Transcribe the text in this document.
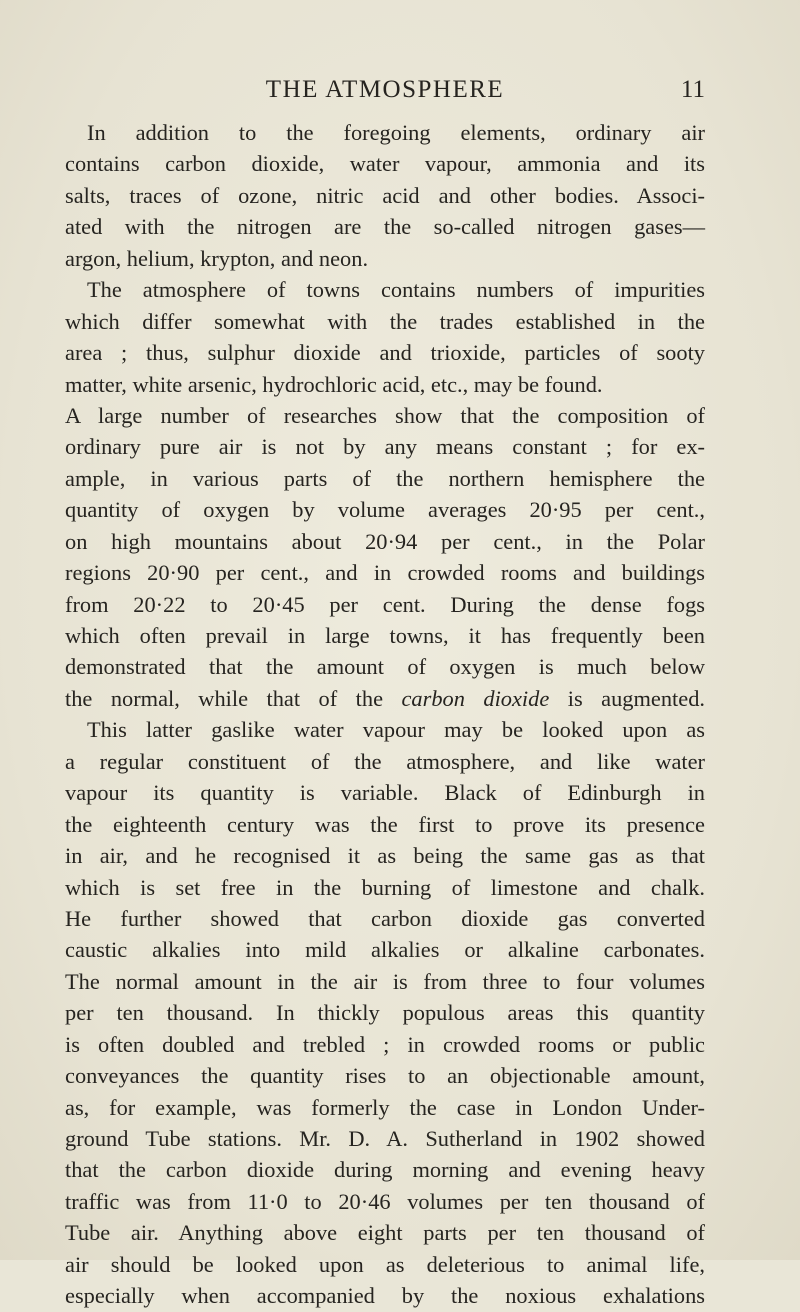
THE ATMOSPHERE	11
In addition to the foregoing elements, ordinary air
contains carbon dioxide, water vapour, ammonia and its
salts, traces of ozone, nitric acid and other bodies. Associ-
ated with the nitrogen are the so-called nitrogen gases—
argon, helium, krypton, and neon.
The atmosphere of towns contains numbers of impurities
which differ somewhat with the trades established in the
area ; thus, sulphur dioxide and trioxide, particles of sooty
matter, white arsenic, hydrochloric acid, etc., may be found.
A large number of researches show that the composition of
ordinary pure air is not by any means constant ; for ex-
ample, in various parts of the northern hemisphere the
quantity of oxygen by volume averages 20·95 per cent.,
on high mountains about 20·94 per cent., in the Polar
regions 20·90 per cent., and in crowded rooms and buildings
from 20·22 to 20·45 per cent. During the dense fogs
which often prevail in large towns, it has frequently been
demonstrated that the amount of oxygen is much below
the normal, while that of the carbon dioxide is augmented.
This latter gaslike water vapour may be looked upon as
a regular constituent of the atmosphere, and like water
vapour its quantity is variable. Black of Edinburgh in
the eighteenth century was the first to prove its presence
in air, and he recognised it as being the same gas as that
which is set free in the burning of limestone and chalk.
He further showed that carbon dioxide gas converted
caustic alkalies into mild alkalies or alkaline carbonates.
The normal amount in the air is from three to four volumes
per ten thousand. In thickly populous areas this quantity
is often doubled and trebled ; in crowded rooms or public
conveyances the quantity rises to an objectionable amount,
as, for example, was formerly the case in London Under-
ground Tube stations. Mr. D. A. Sutherland in 1902 showed
that the carbon dioxide during morning and evening heavy
traffic was from 11·0 to 20·46 volumes per ten thousand of
Tube air. Anything above eight parts per ten thousand of
air should be looked upon as deleterious to animal life,
especially when accompanied by the noxious exhalations
